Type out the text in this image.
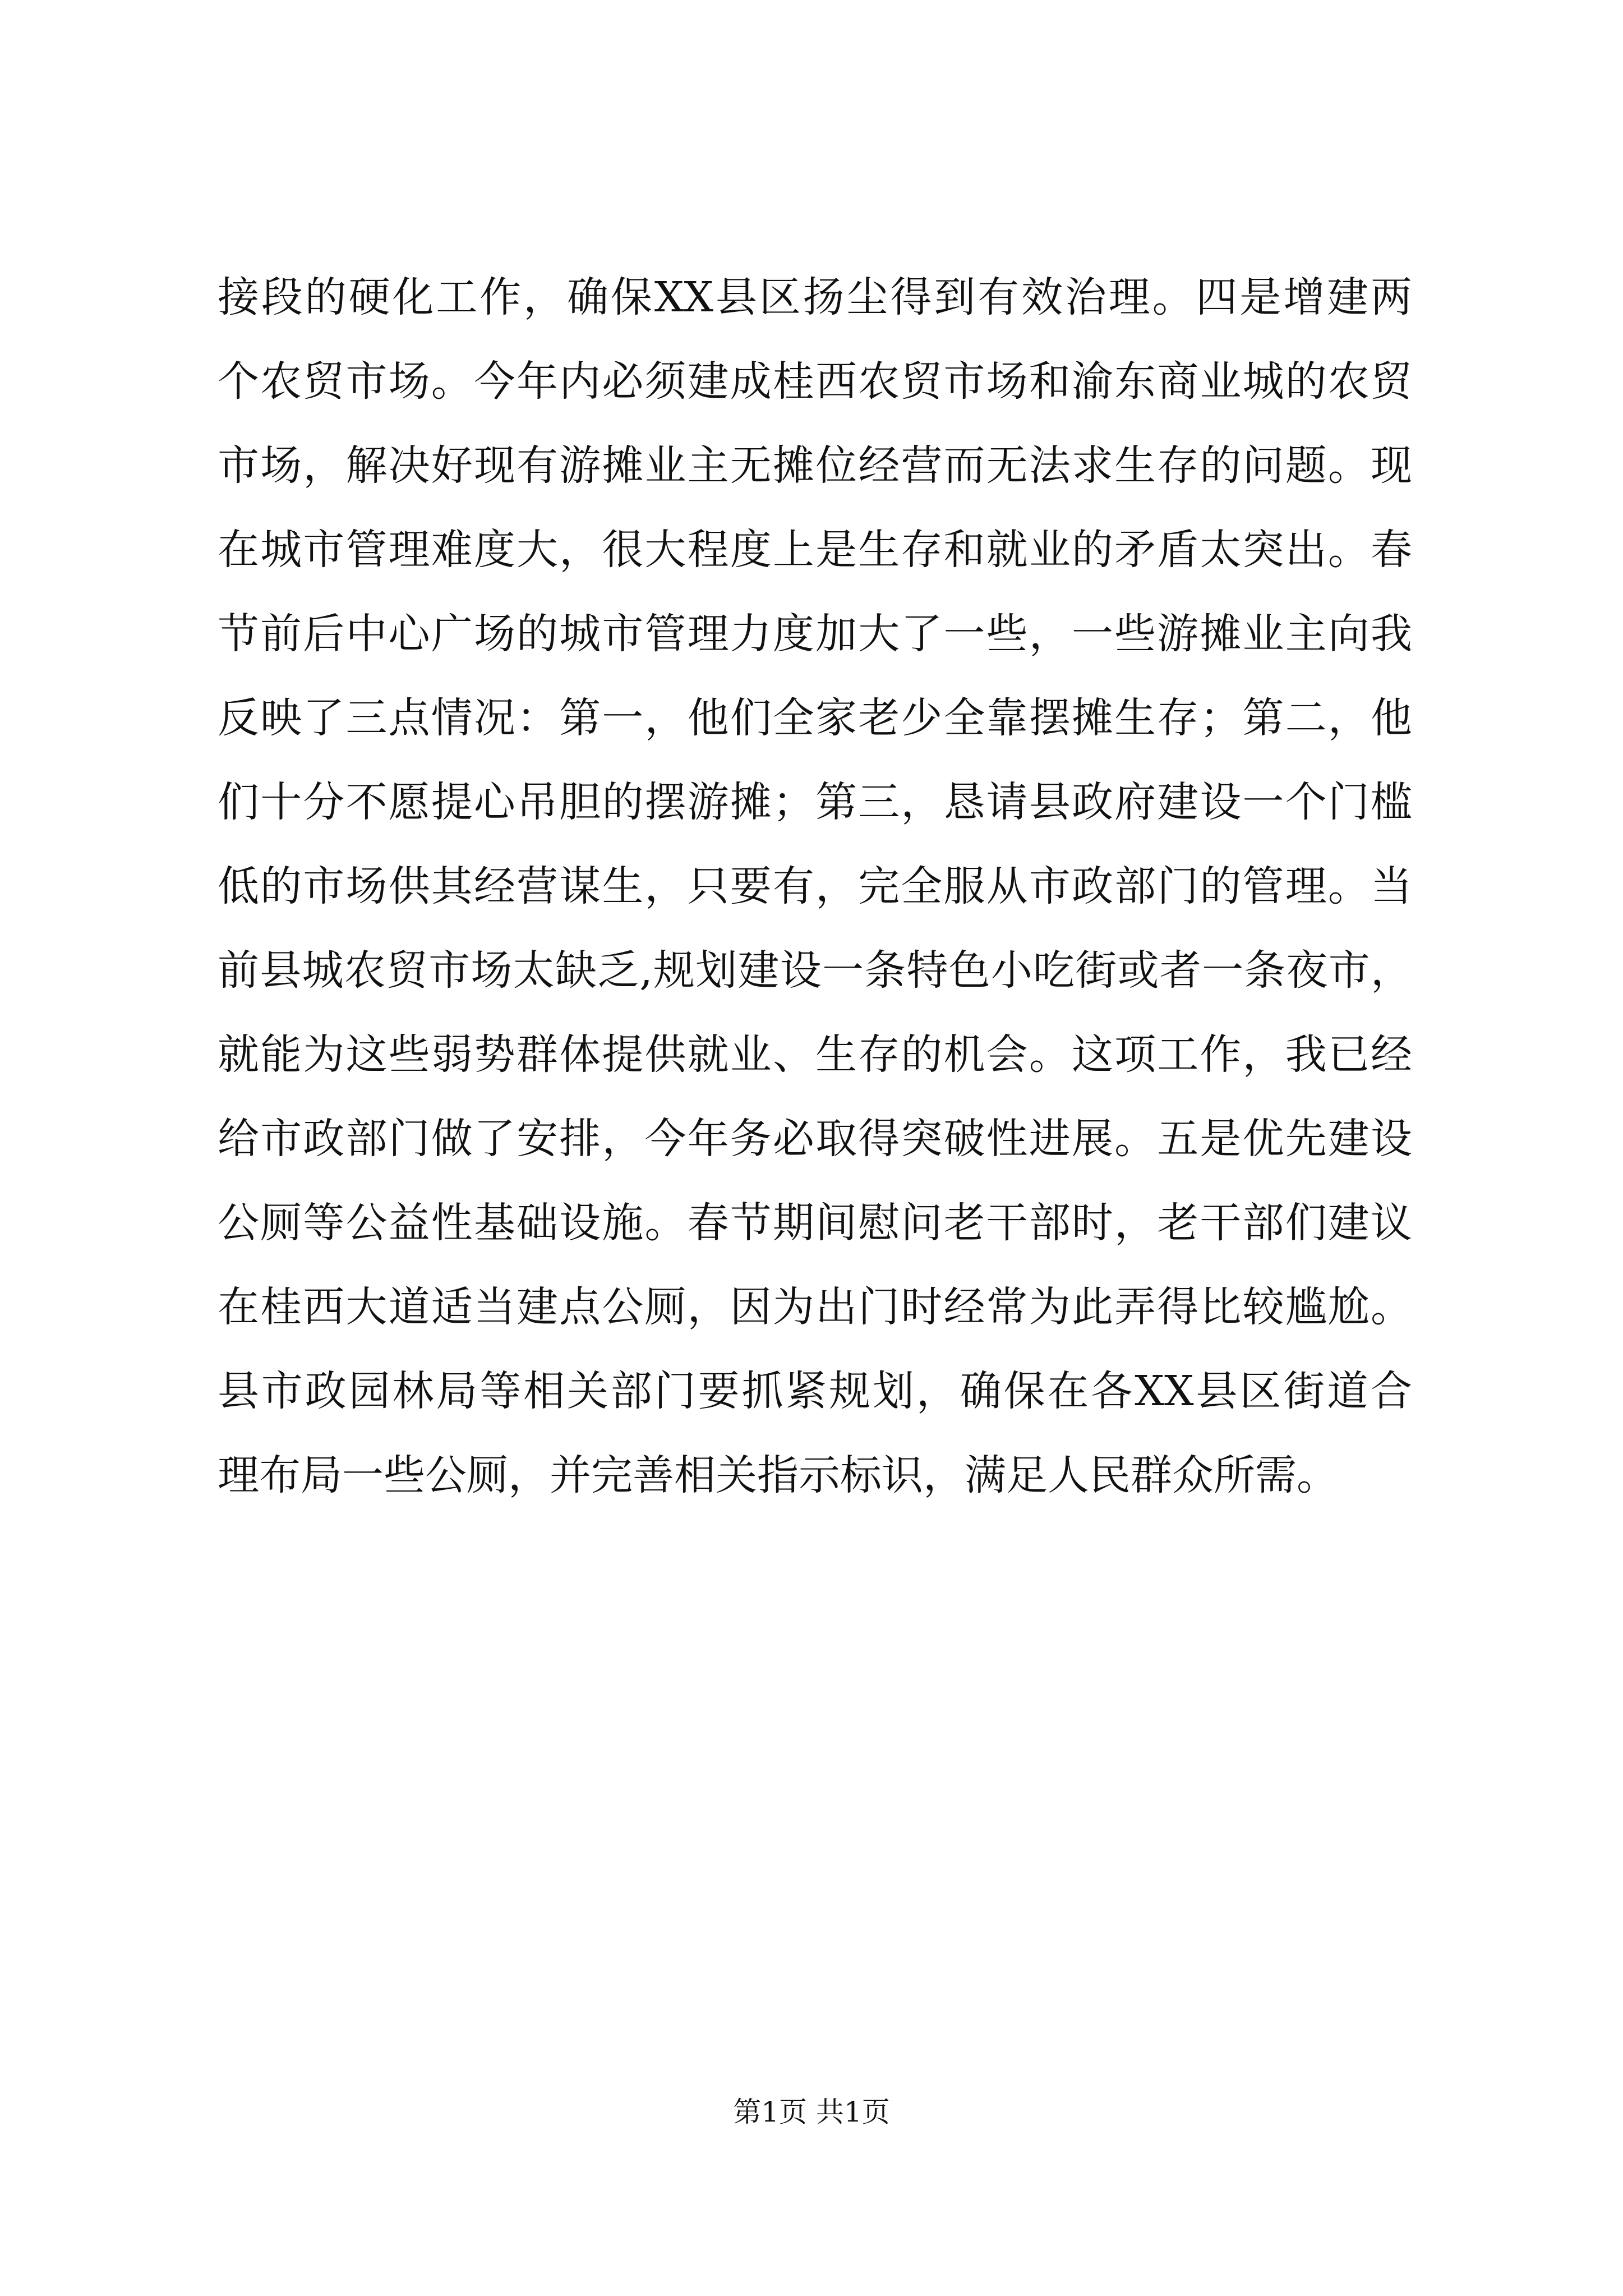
接段的硬化工作，确保XX县区扬尘得到有效治理。四是增建两
个农贸市场。今年内必须建成桂西农贸市场和渝东商业城的农贸
市场，解决好现有游摊业主无摊位经营而无法求生存的问题。现
在城市管理难度大，很大程度上是生存和就业的矛盾太突出。春
节前后中心广场的城市管理力度加大了一些，一些游摊业主向我
反映了三点情况：第一，他们全家老少全靠摆摊生存；第二，他
们十分不愿提心吊胆的摆游摊；第三，恳请县政府建设一个门槛
低的市场供其经营谋生，只要有，完全服从市政部门的管理。当
前县城农贸市场太缺乏,规划建设一条特色小吃街或者一条夜市，
就能为这些弱势群体提供就业、生存的机会。这项工作，我已经
给市政部门做了安排，今年务必取得突破性进展。五是优先建设
公厕等公益性基础设施。春节期间慰问老干部时，老干部们建议
在桂西大道适当建点公厕，因为出门时经常为此弄得比较尴尬。
县市政园林局等相关部门要抓紧规划，确保在各XX县区街道合
理布局一些公厕，并完善相关指示标识，满足人民群众所需。
第1页 共1页
